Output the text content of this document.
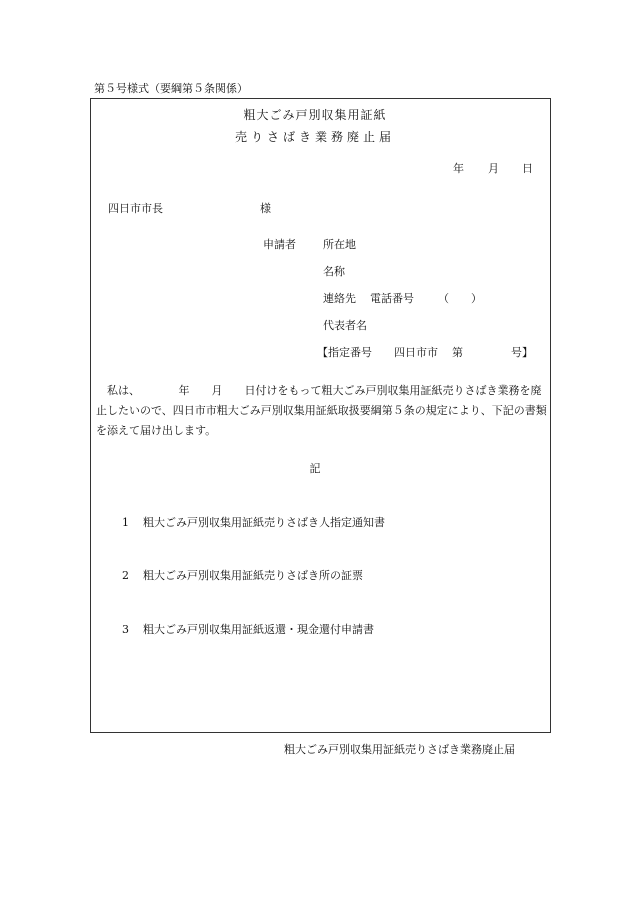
第５号様式（要綱第５条関係）
粗大ごみ戸別収集用証紙
売りさばき業務廃止届
年 月 日
四日市市長	様
申請者 所在地
名称
連絡先 電話番号 （　　）
代表者名
【指定番号 四日市市 第	号】
私は、　　　　年　　月　　日付けをもって粗大ごみ戸別収集用証紙売りさばき業務を廃止したいので、四日市市粗大ごみ戸別収集用証紙取扱要綱第５条の規定により、下記の書類を添えて届け出します。
記
1 粗大ごみ戸別収集用証紙売りさばき人指定通知書
2 粗大ごみ戸別収集用証紙売りさばき所の証票
3 粗大ごみ戸別収集用証紙返還・現金還付申請書
粗大ごみ戸別収集用証紙売りさばき業務廃止届
